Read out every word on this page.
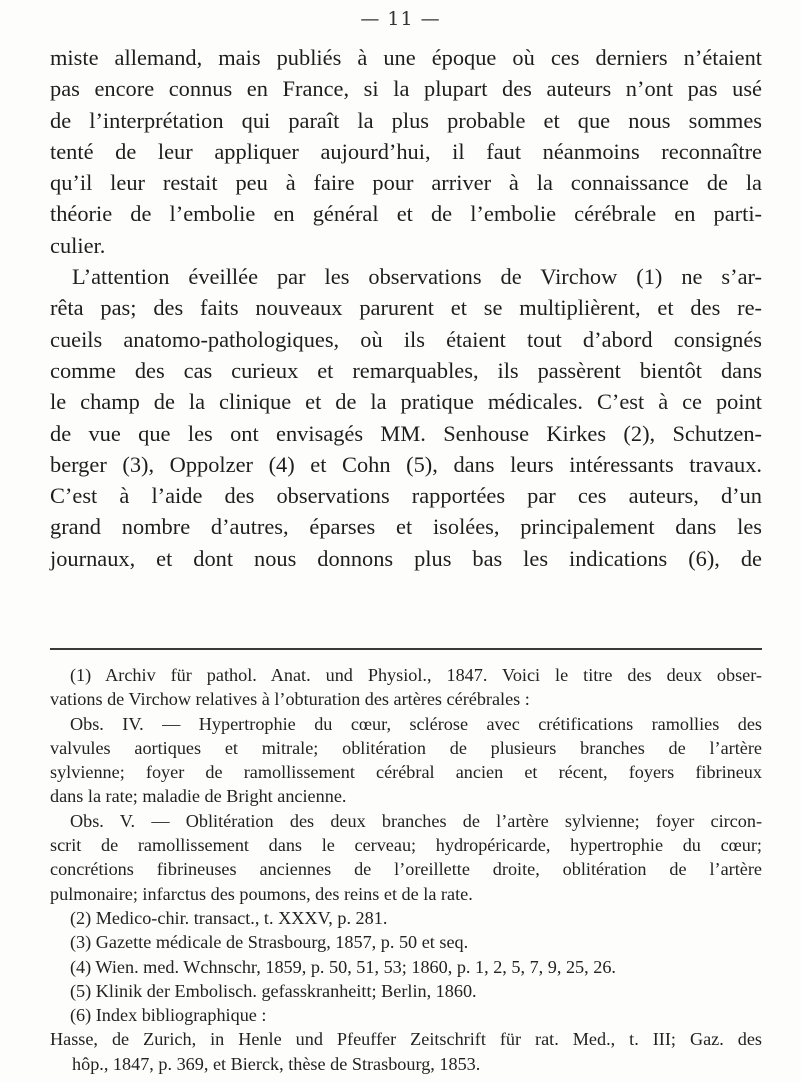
— 11 —
miste allemand, mais publiés à une époque où ces derniers n’étaient
pas encore connus en France, si la plupart des auteurs n’ont pas usé
de l’interprétation qui paraît la plus probable et que nous sommes
tenté de leur appliquer aujourd’hui, il faut néanmoins reconnaître
qu’il leur restait peu à faire pour arriver à la connaissance de la
théorie de l’embolie en général et de l’embolie cérébrale en parti-
culier.
L’attention éveillée par les observations de Virchow (1) ne s’ar-
rêta pas; des faits nouveaux parurent et se multiplièrent, et des re-
cueils anatomo-pathologiques, où ils étaient tout d’abord consignés
comme des cas curieux et remarquables, ils passèrent bientôt dans
le champ de la clinique et de la pratique médicales. C’est à ce point
de vue que les ont envisagés MM. Senhouse Kirkes (2), Schutzen-
berger (3), Oppolzer (4) et Cohn (5), dans leurs intéressants travaux.
C’est à l’aide des observations rapportées par ces auteurs, d’un
grand nombre d’autres, éparses et isolées, principalement dans les
journaux, et dont nous donnons plus bas les indications (6), de
(1) Archiv für pathol. Anat. und Physiol., 1847. Voici le titre des deux obser-
vations de Virchow relatives à l’obturation des artères cérébrales :
Obs. IV. — Hypertrophie du cœur, sclérose avec crétifications ramollies des
valvules aortiques et mitrale; oblitération de plusieurs branches de l’artère
sylvienne; foyer de ramollissement cérébral ancien et récent, foyers fibrineux
dans la rate; maladie de Bright ancienne.
Obs. V. — Oblitération des deux branches de l’artère sylvienne; foyer circon-
scrit de ramollissement dans le cerveau; hydropéricarde, hypertrophie du cœur;
concrétions fibrineuses anciennes de l’oreillette droite, oblitération de l’artère
pulmonaire; infarctus des poumons, des reins et de la rate.
(2) Medico-chir. transact., t. XXXV, p. 281.
(3) Gazette médicale de Strasbourg, 1857, p. 50 et seq.
(4) Wien. med. Wchnschr, 1859, p. 50, 51, 53; 1860, p. 1, 2, 5, 7, 9, 25, 26.
(5) Klinik der Embolisch. gefasskranheitt; Berlin, 1860.
(6) Index bibliographique :
Hasse, de Zurich, in Henle und Pfeuffer Zeitschrift für rat. Med., t. III; Gaz. des
hôp., 1847, p. 369, et Bierck, thèse de Strasbourg, 1853.
